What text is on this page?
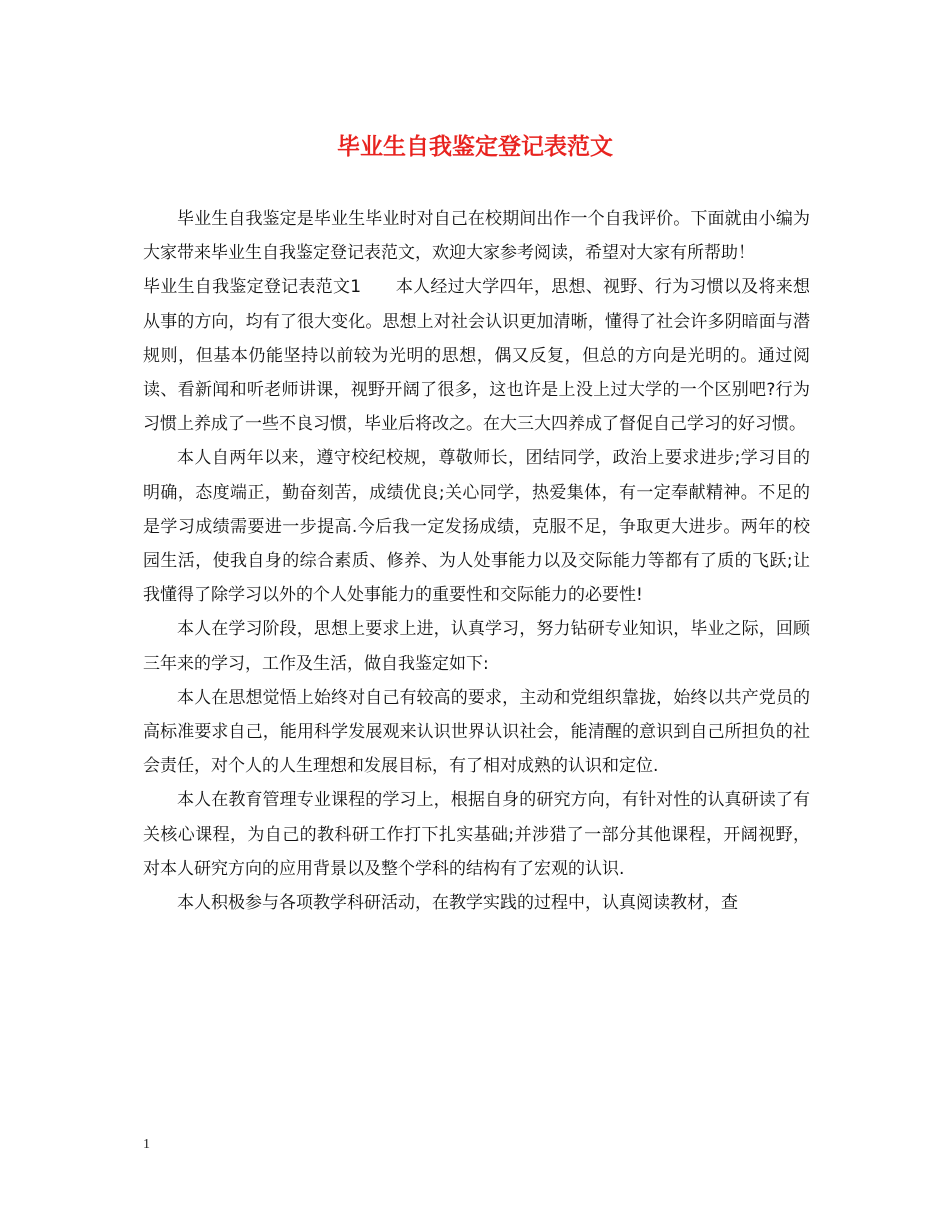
毕业生自我鉴定登记表范文

毕业生自我鉴定是毕业生毕业时对自己在校期间出作一个自我评价。下面就由小编为大家带来毕业生自我鉴定登记表范文，欢迎大家参考阅读，希望对大家有所帮助！

毕业生自我鉴定登记表范文1　　本人经过大学四年，思想、视野、行为习惯以及将来想从事的方向，均有了很大变化。思想上对社会认识更加清晰，懂得了社会许多阴暗面与潜规则，但基本仍能坚持以前较为光明的思想，偶又反复，但总的方向是光明的。通过阅读、看新闻和听老师讲课，视野开阔了很多，这也许是上没上过大学的一个区别吧?行为习惯上养成了一些不良习惯，毕业后将改之。在大三大四养成了督促自己学习的好习惯。

本人自两年以来，遵守校纪校规，尊敬师长，团结同学，政治上要求进步;学习目的明确，态度端正，勤奋刻苦，成绩优良;关心同学，热爱集体，有一定奉献精神。不足的是学习成绩需要进一步提高.今后我一定发扬成绩，克服不足，争取更大进步。两年的校园生活，使我自身的综合素质、修养、为人处事能力以及交际能力等都有了质的飞跃;让我懂得了除学习以外的个人处事能力的重要性和交际能力的必要性!

本人在学习阶段，思想上要求上进，认真学习，努力钻研专业知识，毕业之际，回顾三年来的学习，工作及生活，做自我鉴定如下:

本人在思想觉悟上始终对自己有较高的要求，主动和党组织靠拢，始终以共产党员的高标准要求自己，能用科学发展观来认识世界认识社会，能清醒的意识到自己所担负的社会责任，对个人的人生理想和发展目标，有了相对成熟的认识和定位.

本人在教育管理专业课程的学习上，根据自身的研究方向，有针对性的认真研读了有关核心课程，为自己的教科研工作打下扎实基础;并涉猎了一部分其他课程，开阔视野，对本人研究方向的应用背景以及整个学科的结构有了宏观的认识.

本人积极参与各项教学科研活动，在教学实践的过程中，认真阅读教材，查

1
